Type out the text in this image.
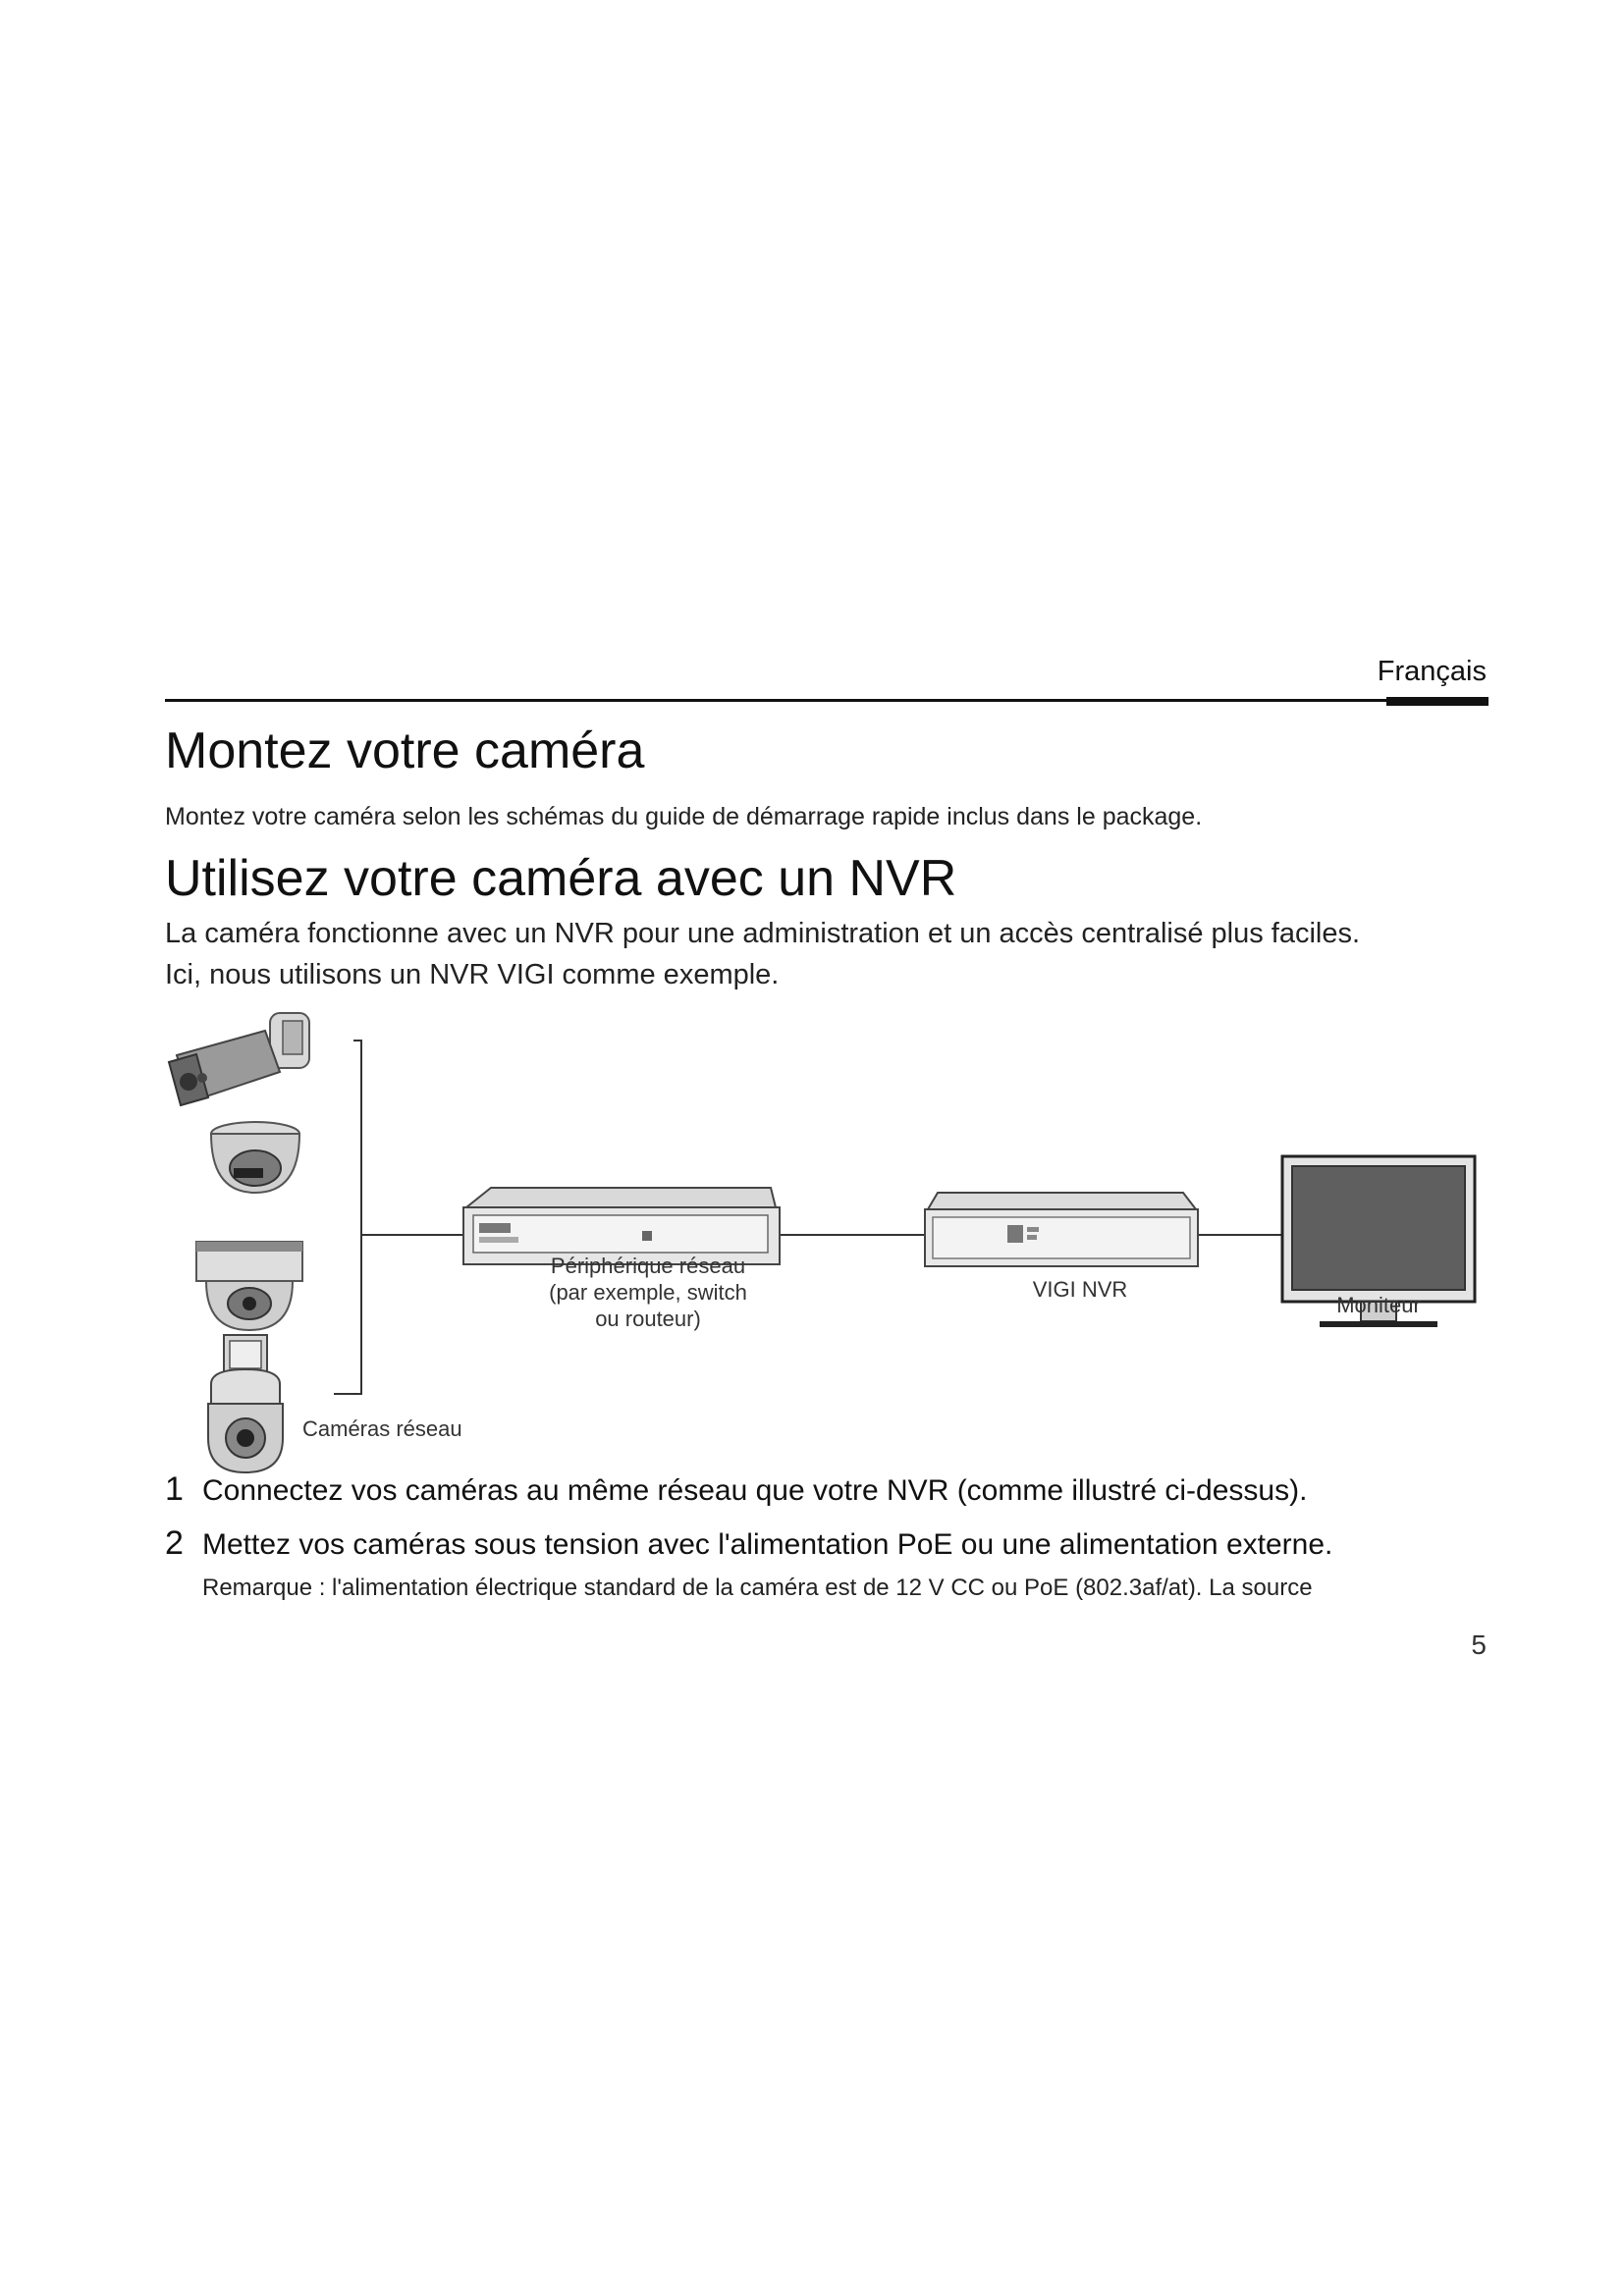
Français
Montez votre caméra

Montez votre caméra selon les schémas du guide de démarrage rapide inclus dans le package.

Utilisez votre caméra avec un NVR

La caméra fonctionne avec un NVR pour une administration et un accès centralisé plus faciles.
Ici, nous utilisons un NVR VIGI comme exemple.

Périphérique réseau
(par exemple, switch
ou routeur)
VIGI NVR
Moniteur
Caméras réseau
1 Connectez vos caméras au même réseau que votre NVR (comme illustré ci-dessus).
2 Mettez vos caméras sous tension avec l'alimentation PoE ou une alimentation externe.
Remarque : l'alimentation électrique standard de la caméra est de 12 V CC ou PoE (802.3af/at). La source
5
